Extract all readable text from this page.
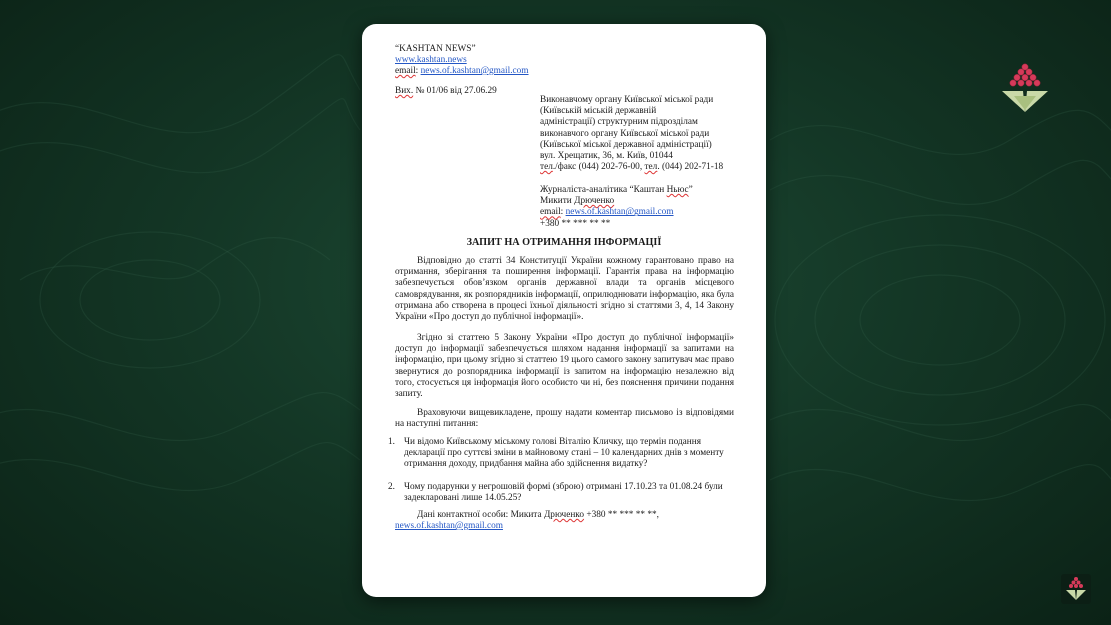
“KASHTAN NEWS”
www.kashtan.news
email: news.of.kashtan@gmail.com
Вих. № 01/06 від 27.06.29
Виконавчому органу Київської міської ради
(Київській міській державній
адміністрації) структурним підрозділам
виконавчого органу Київської міської ради
(Київської міської державної адміністрації)
вул. Хрещатик, 36, м. Київ, 01044
тел./факс (044) 202-76-00, тел. (044) 202-71-18
Журналіста-аналітика “Каштан Ньюс”
Микити Дрюченко
email: news.of.kashtan@gmail.com
+380 ** *** ** **
ЗАПИТ НА ОТРИМАННЯ ІНФОРМАЦІЇ
Відповідно до статті 34 Конституції України кожному гарантовано право на отримання, зберігання та поширення інформації. Гарантія права на інформацію забезпечується обов’язком органів державної влади та органів місцевого самоврядування, як розпорядників інформації, оприлюднювати інформацію, яка була отримана або створена в процесі їхньої діяльності згідно зі статтями 3, 4, 14 Закону України «Про доступ до публічної інформації».
Згідно зі статтею 5 Закону України «Про доступ до публічної інформації» доступ до інформації забезпечується шляхом надання інформації за запитами на інформацію, при цьому згідно зі статтею 19 цього самого закону запитувач має право звернутися до розпорядника інформації із запитом на інформацію незалежно від того, стосується ця інформація його особисто чи ні, без пояснення причини подання запиту.
Враховуючи вищевикладене, прошу надати коментар письмово із відповідями на наступні питання:
1. Чи відомо Київському міському голові Віталію Кличку, що термін подання декларації про суттєві зміни в майновому стані – 10 календарних днів з моменту отримання доходу, придбання майна або здійснення видатку?
2. Чому подарунки у негрошовій формі (зброю) отримані 17.10.23 та 01.08.24 були задекларовані лише 14.05.25?
Дані контактної особи: Микита Дрюченко +380 ** *** ** **,
news.of.kashtan@gmail.com
